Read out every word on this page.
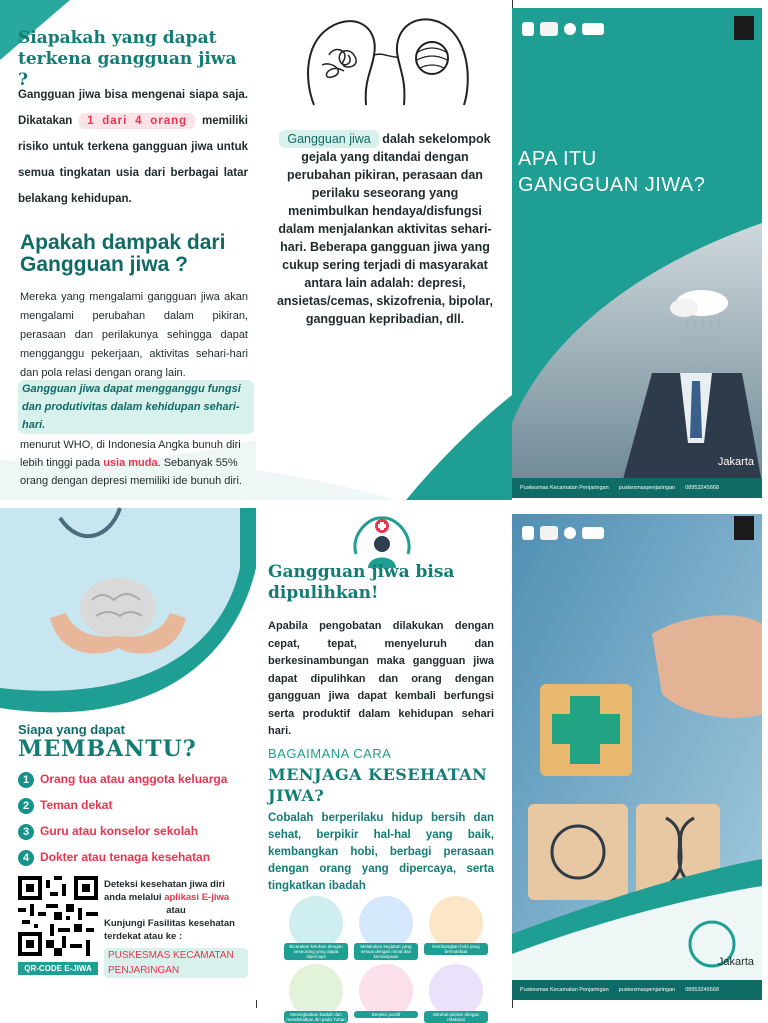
Siapakah yang dapat terkena gangguan jiwa ?
Gangguan jiwa bisa mengenai siapa saja. Dikatakan 1 dari 4 orang memiliki risiko untuk terkena gangguan jiwa untuk semua tingkatan usia dari berbagai latar belakang kehidupan.
Apakah dampak dari Gangguan jiwa ?
Mereka yang mengalami gangguan jiwa akan mengalami perubahan dalam pikiran, perasaan dan perilakunya sehingga dapat mengganggu pekerjaan, aktivitas sehari-hari dan pola relasi dengan orang lain.
Gangguan jiwa dapat mengganggu fungsi dan produtivitas dalam kehidupan sehari-hari.
menurut WHO, di Indonesia Angka bunuh diri lebih tinggi pada usia muda. Sebanyak 55% orang dengan depresi memiliki ide bunuh diri.
Gangguan jiwa dalah sekelompok gejala yang ditandai dengan perubahan pikiran, perasaan dan perilaku seseorang yang menimbulkan hendaya/disfungsi dalam menjalankan aktivitas sehari-hari. Beberapa gangguan jiwa yang cukup sering terjadi di masyarakat antara lain adalah: depresi, ansietas/cemas, skizofrenia, bipolar, gangguan kepribadian, dll.
APA ITU
GANGGUAN JIWA?
Jakarta
Puskesmas Kecamatan Penjaringan puskesmaspenjaringan 08953245668
Siapa yang dapat
MEMBANTU?
1 Orang tua atau anggota keluarga
2 Teman dekat
3 Guru atau konselor sekolah
4 Dokter atau tenaga kesehatan
QR-CODE E-JIWA
Deteksi kesehatan jiwa diri anda melalui aplikasi E-jiwa
atau
Kunjungi Fasilitas kesehatan terdekat atau ke :
PUSKESMAS KECAMATAN PENJARINGAN
Gangguan jiwa bisa dipulihkan!
Apabila pengobatan dilakukan dengan cepat, tepat, menyeluruh dan berkesinambungan maka gangguan jiwa dapat dipulihkan dan orang dengan gangguan jiwa dapat kembali berfungsi serta produktif dalam kehidupan sehari hari.
BAGAIMANA CARA
MENJAGA KESEHATAN JIWA?
Cobalah berperilaku hidup bersih dan sehat, berpikir hal-hal yang baik, kembangkan hobi, berbagi perasaan dengan orang yang dipercaya, serta tingkatkan ibadah
Bicarakan keluhan dengan seseorang yang dapat dipercaya
Melakukan kegiatan yang sesuai dengan minat dan kemampuan
Kembangkan hobi yang bermanfaat
Meningkatkan ibadah dan mendekatkan diri pada Tuhan
Berpikir positif	Istirahat pikiran dengan relaksasi
Jakarta
Puskesmas Kecamatan Penjaringan puskesmaspenjaringan 08953245668
